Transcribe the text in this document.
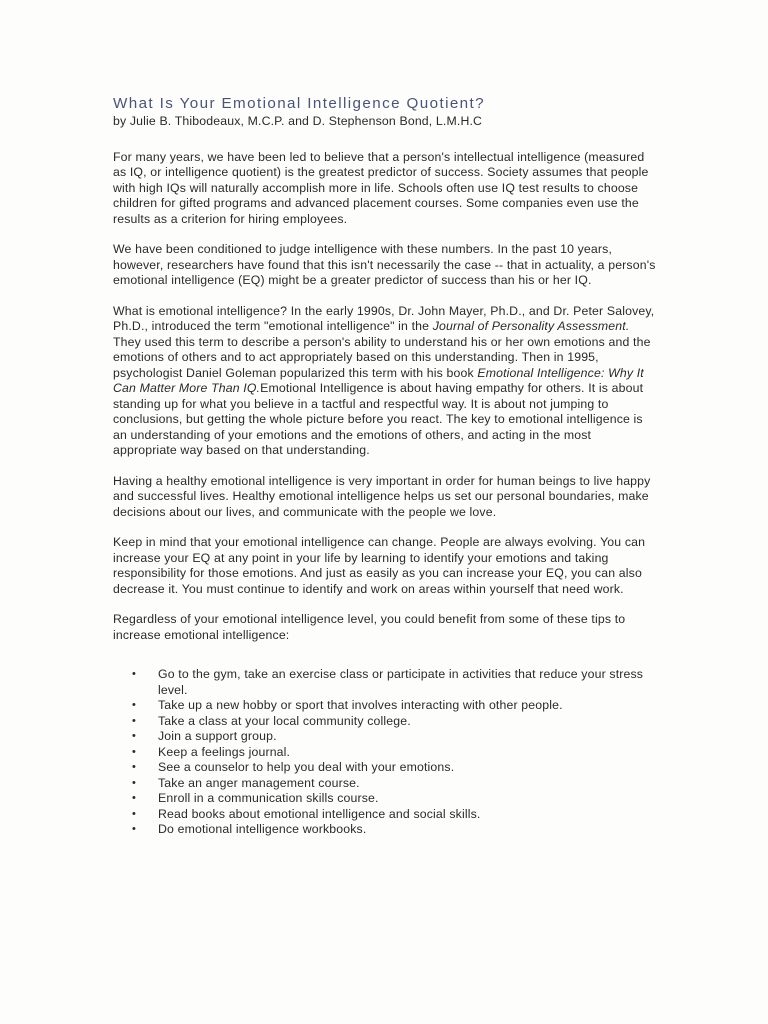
What Is Your Emotional Intelligence Quotient?

by Julie B. Thibodeaux, M.C.P. and D. Stephenson Bond, L.M.H.C

For many years, we have been led to believe that a person's intellectual intelligence (measured as IQ, or intelligence quotient) is the greatest predictor of success. Society assumes that people with high IQs will naturally accomplish more in life. Schools often use IQ test results to choose children for gifted programs and advanced placement courses. Some companies even use the results as a criterion for hiring employees.

We have been conditioned to judge intelligence with these numbers. In the past 10 years, however, researchers have found that this isn't necessarily the case -- that in actuality, a person's emotional intelligence (EQ) might be a greater predictor of success than his or her IQ.

What is emotional intelligence? In the early 1990s, Dr. John Mayer, Ph.D., and Dr. Peter Salovey, Ph.D., introduced the term "emotional intelligence" in the Journal of Personality Assessment. They used this term to describe a person's ability to understand his or her own emotions and the emotions of others and to act appropriately based on this understanding. Then in 1995, psychologist Daniel Goleman popularized this term with his book Emotional Intelligence: Why It Can Matter More Than IQ.Emotional Intelligence is about having empathy for others. It is about standing up for what you believe in a tactful and respectful way. It is about not jumping to conclusions, but getting the whole picture before you react. The key to emotional intelligence is an understanding of your emotions and the emotions of others, and acting in the most appropriate way based on that understanding.

Having a healthy emotional intelligence is very important in order for human beings to live happy and successful lives. Healthy emotional intelligence helps us set our personal boundaries, make decisions about our lives, and communicate with the people we love.

Keep in mind that your emotional intelligence can change. People are always evolving. You can increase your EQ at any point in your life by learning to identify your emotions and taking responsibility for those emotions. And just as easily as you can increase your EQ, you can also decrease it. You must continue to identify and work on areas within yourself that need work.

Regardless of your emotional intelligence level, you could benefit from some of these tips to increase emotional intelligence:

• Go to the gym, take an exercise class or participate in activities that reduce your stress level.
• Take up a new hobby or sport that involves interacting with other people.
• Take a class at your local community college.
• Join a support group.
• Keep a feelings journal.
• See a counselor to help you deal with your emotions.
• Take an anger management course.
• Enroll in a communication skills course.
• Read books about emotional intelligence and social skills.
• Do emotional intelligence workbooks.
